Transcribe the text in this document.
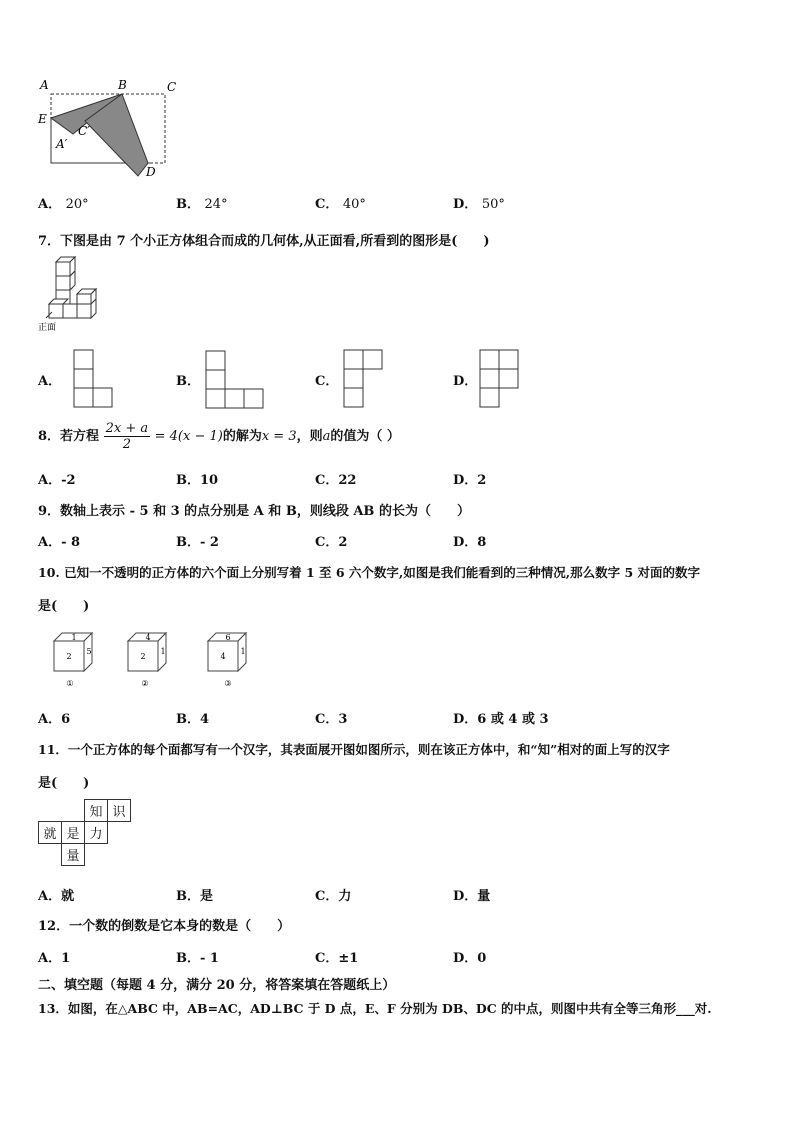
A	B	C
E
C′
A′
D
A． 20°	B． 24°	C． 40°	D． 50°
7．下图是由 7 个小正方体组合而成的几何体,从正面看,所看到的图形是(　　)
正面
A．	B．	C．	D．
8．若方程 $\frac{2x + a}{2} = 4(x - 1)$的解为x = 3，则a的值为（ ）
A．-2	B．10	C．22	D．2
9．数轴上表示 - 5 和 3 的点分别是 A 和 B，则线段 AB 的长为（　　）
A．- 8	B．- 2	C．2	D．8
10. 已知一不透明的正方体的六个面上分别写着 1 至 6 六个数字,如图是我们能看到的三种情况,那么数字 5 对面的数字
是(　　)
1
2
5
①
4
2
1
②
6
4
1
③
A．6	B．4	C．3	D．6 或 4 或 3
11．一个正方体的每个面都写有一个汉字，其表面展开图如图所示，则在该正方体中，和“知”相对的面上写的汉字
是(　　)
		知	识
就	是	力	
	量		
A．就	B．是	C．力	D．量
12．一个数的倒数是它本身的数是（　　）
A．1	B．- 1	C．±1	D．0
二、填空题（每题 4 分，满分 20 分，将答案填在答题纸上）
13．如图，在△ABC 中，AB=AC，AD⊥BC 于 D 点，E、F 分别为 DB、DC 的中点，则图中共有全等三角形___对.
